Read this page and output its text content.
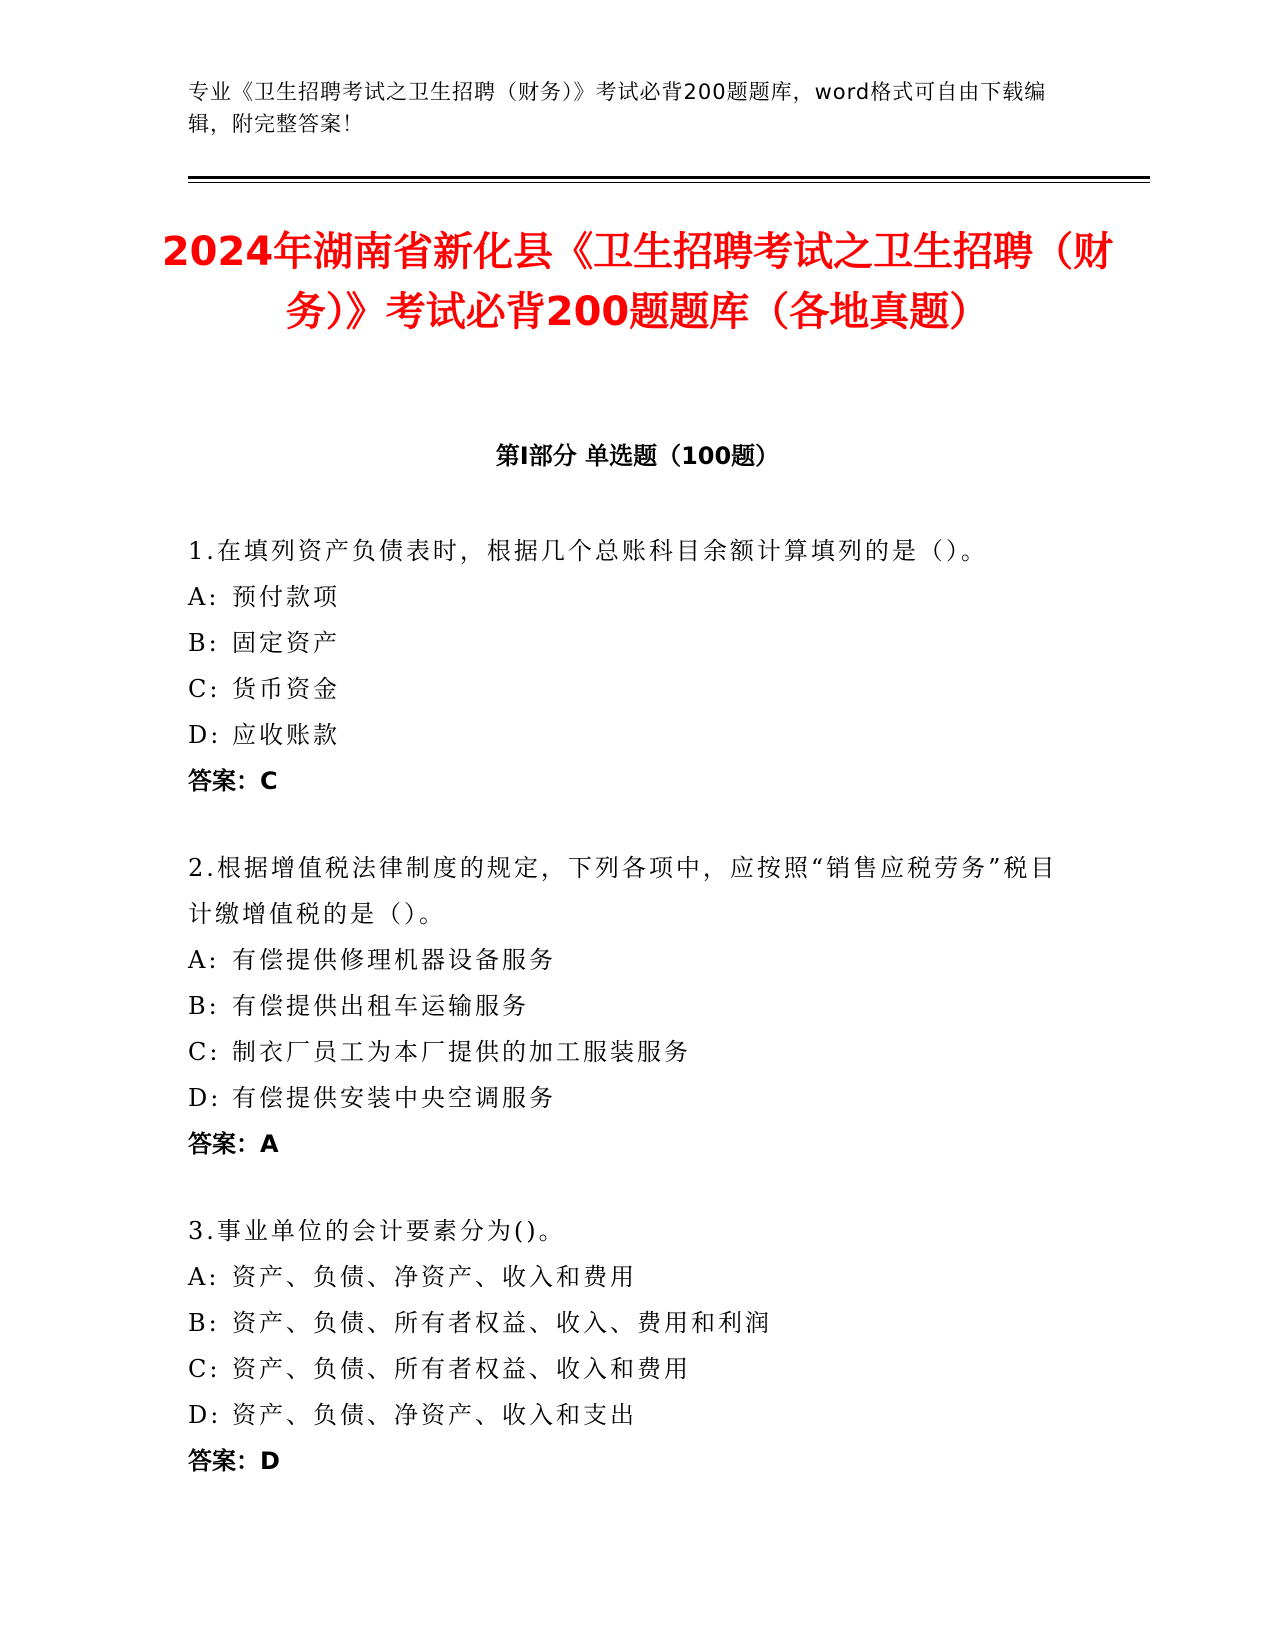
专业《卫生招聘考试之卫生招聘（财务）》考试必背200题题库，word格式可自由下载编辑，附完整答案！
2024年湖南省新化县《卫生招聘考试之卫生招聘（财务）》考试必背200题题库（各地真题）
第Ⅰ部分 单选题（100题）
1.在填列资产负债表时，根据几个总账科目余额计算填列的是（）。
A: 预付款项
B: 固定资产
C: 货币资金
D: 应收账款
答案：C
2.根据增值税法律制度的规定，下列各项中，应按照“销售应税劳务”税目计缴增值税的是（）。
A: 有偿提供修理机器设备服务
B: 有偿提供出租车运输服务
C: 制衣厂员工为本厂提供的加工服装服务
D: 有偿提供安装中央空调服务
答案：A
3.事业单位的会计要素分为()。
A: 资产、负债、净资产、收入和费用
B: 资产、负债、所有者权益、收入、费用和利润
C: 资产、负债、所有者权益、收入和费用
D: 资产、负债、净资产、收入和支出
答案：D
